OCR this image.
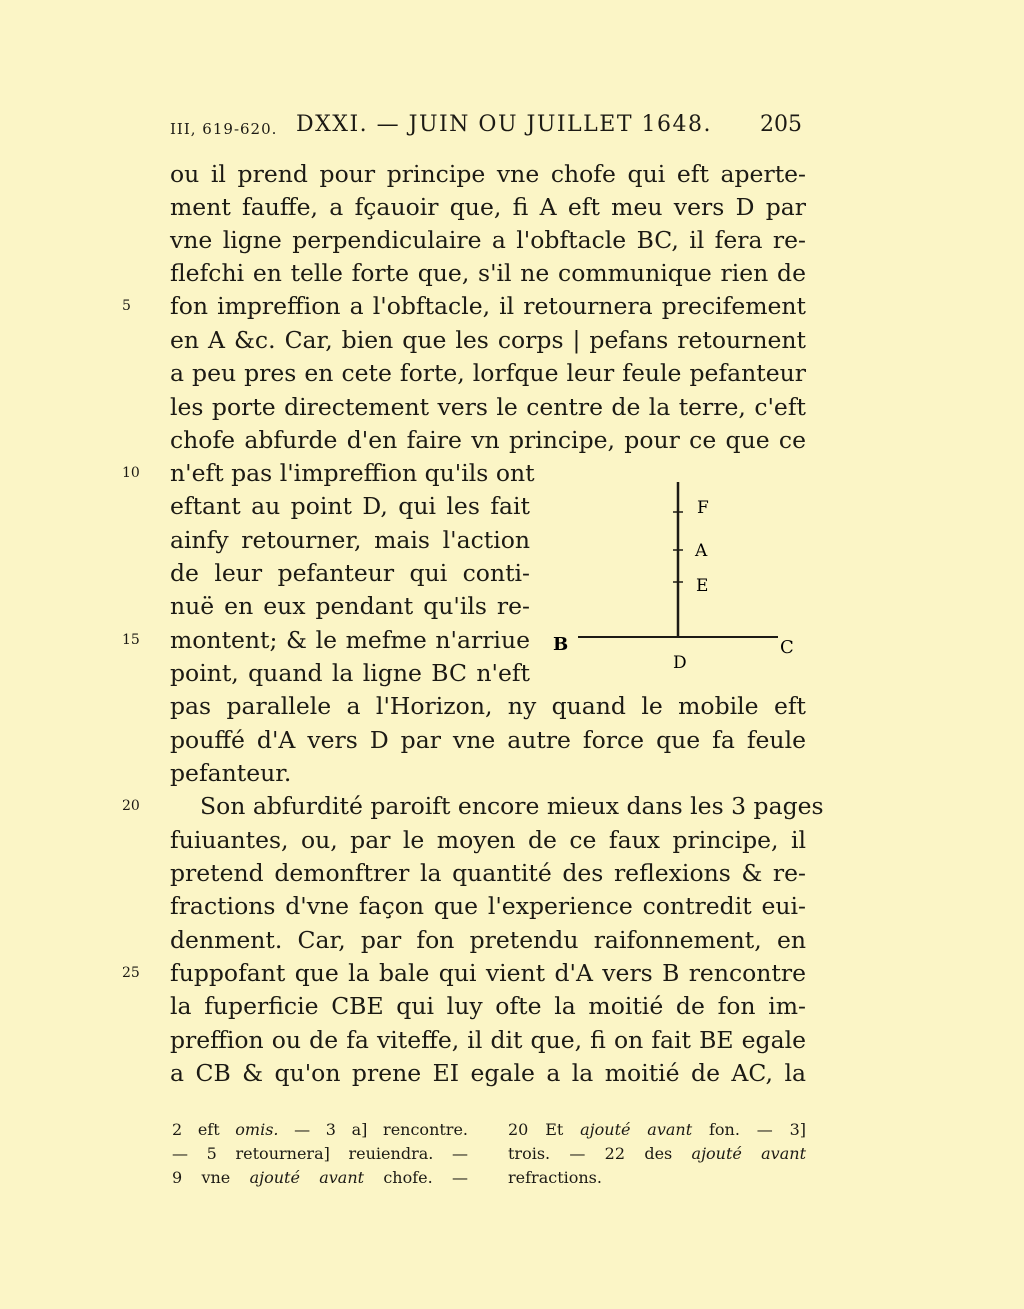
III, 619-620. DXXI. — JUIN OU JUILLET 1648. 205
ou il prend pour principe vne chofe qui eft aperte-
ment fauffe, a fçauoir que, fi A eft meu vers D par
vne ligne perpendiculaire a l'obftacle BC, il fera re-
flefchi en telle forte que, s'il ne communique rien de
fon impreffion a l'obftacle, il retournera precifement
en A &c. Car, bien que les corps | pefans retournent
a peu pres en cete forte, lorfque leur feule pefanteur
les porte directement vers le centre de la terre, c'eft
chofe abfurde d'en faire vn principe, pour ce que ce
n'eft pas l'impreffion qu'ils ont
eftant au point D, qui les fait
ainfy retourner, mais l'action
de leur pefanteur qui conti-
nuë en eux pendant qu'ils re-
montent; & le mefme n'arriue
point, quand la ligne BC n'eft
pas parallele a l'Horizon, ny quand le mobile eft
pouffé d'A vers D par vne autre force que fa feule
pefanteur.
Son abfurdité paroift encore mieux dans les 3 pages
fuiuantes, ou, par le moyen de ce faux principe, il
pretend demonftrer la quantité des reflexions & re-
fractions d'vne façon que l'experience contredit eui-
denment. Car, par fon pretendu raifonnement, en
fuppofant que la bale qui vient d'A vers B rencontre
la fuperficie CBE qui luy ofte la moitié de fon im-
preffion ou de fa viteffe, il dit que, fi on fait BE egale
a CB & qu'on prene EI egale a la moitié de AC, la
5
10
15
20
25
F
A
E
B	C
D
2 eft omis. — 3 a] rencontre.
— 5 retournera] reuiendra. —
9 vne ajouté avant chofe. —
20 Et ajouté avant fon. — 3]
trois. — 22 des ajouté avant
refractions.
